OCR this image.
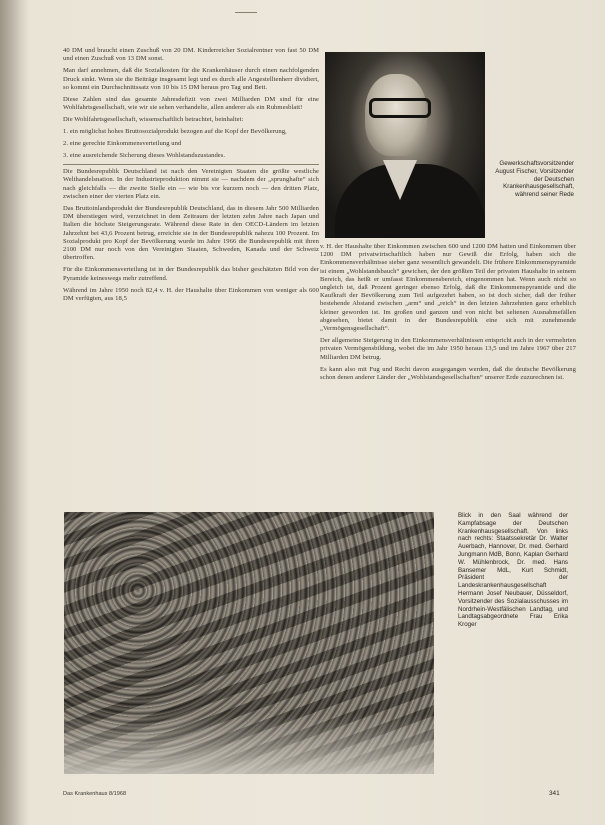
40 DM und braucht einen Zuschuß von 20 DM. Kinderreicher Sozialrentner von fast 50 DM und einen Zuschuß von 13 DM sonst.

Man darf annehmen, daß die Sozialkosten für die Krankenhäuser durch einen nachfolgenden Druck sinkt. Wenn sie die Beiträge insgesamt legt und es durch alle Angestelltenherr dividiert, so kommt ein Durchschnittssatz von 10 bis 15 DM heraus pro Tag und Bett.

Diese Zahlen sind das gesamte Jahresdefizit von zwei Milliarden DM sind für eine Wohlfahrtsgesellschaft, wie wir sie sehen verhandelte, allen anderer als ein Ruhmesblatt!

Die Wohlfahrtsgesellschaft, wissenschaftlich betrachtet, beinhaltet:

1. ein möglichst hohes Bruttosozialprodukt bezogen auf die Kopf der Bevölkerung,
2. eine gerechte Einkommensverteilung und
3. eine ausreichende Sicherung dieses Wohlstandszustandes.

Die Bundesrepublik Deutschland ist nach den Vereinigten Staaten die größte westliche Welthandelsnation. In der Industrieproduktion nimmt sie — nachdem der „sprunghafte“ sich nach gleichfalls — die zweite Stelle ein — wie bis vor kurzem noch — den dritten Platz, zwischen einer der vierten Platz ein.

Das Bruttoinlandsprodukt der Bundesrepublik Deutschland, das in diesem Jahr 500 Milliarden DM überstiegen wird, verzeichnet in dem Zeitraum der letzten zehn Jahre nach Japan und Italien die höchste Steigerungsrate. Während diese Rate in den OECD-Ländern im letzten Jahrzehnt bei 43,6 Prozent betrug, erreichte sie in der Bundesrepublik nahezu 100 Prozent. Im Sozialprodukt pro Kopf der Bevölkerung wurde im Jahre 1966 die Bundesrepublik mit ihren 2100 DM nur noch von den Vereinigten Staaten, Schweden, Kanada und der Schweiz übertroffen.

Für die Einkommensverteilung ist in der Bundesrepublik das bisher geschätzten Bild von der Pyramide keineswegs mehr zutreffend.

Während im Jahre 1950 noch 82,4 v. H. der Haushalte über Einkommen von weniger als 600 DM verfügten, aus 18,5

Gewerkschaftsvorsitzender August Fischer, Vorsitzender der Deutschen Krankenhausgesellschaft, während seiner Rede

v. H. der Haushalte über Einkommen zwischen 600 und 1200 DM hatten und Einkommen über 1200 DM privatwirtschaftlich haben nur Gewiß die Erfolg, haben sich die Einkommensverhältnisse sieber ganz wesentlich gewandelt. Die frühere Einkommenspyramide ist einem „Wohlstandsbauch“ gewichen, der den größten Teil der privaten Haushalte in seinem Bereich, das heißt er umfasst Einkommensbereich, eingenommen hat. Wenn auch nicht so ungleich ist, daß Prozent geringer ebenso Erfolg, daß die Einkommenspyramide und die Kaufkraft der Bevölkerung zum Teil aufgezehrt haben, so ist doch sicher, daß der früher bestehende Abstand zwischen „arm“ und „reich“ in den letzten Jahrzehnten ganz erheblich kleiner geworden ist. Im großen und ganzen und von nicht bei seltenen Ausnahmefällen abgesehen, bietet damit in der Bundesrepublik eine sich mit zunehmende „Vermögensgesellschaft“.

Der allgemeine Steigerung in den Einkommensverhältnissen entspricht auch in der vermehrten privaten Vermögensbildung, wobei die im Jahr 1950 heraus 13,5 und im Jahre 1967 über 217 Milliarden DM betrug.

Es kann also mit Fug und Recht davon ausgegangen werden, daß die deutsche Bevölkerung schon denen anderer Länder der „Wohlstandsgesellschaften“ unserer Erde zuzurechnen ist.

Blick in den Saal während der Kampfabsage der Deutschen Krankenhausgesellschaft. Von links nach rechts: Staatssekretär Dr. Walter Auerbach, Hannover, Dr. med. Gerhard Jungmann MdB, Bonn, Kaplan Gerhard W. Mühlenbrock, Dr. med. Hans Bansemer MdL, Kurt Schmidt, Präsident der Landeskrankenhausgesellschaft Hermann Josef Neubauer, Düsseldorf, Vorsitzender des Sozialausschusses im Nordrhein-Westfälischen Landtag, und Landtagsabgeordnete Frau Erika Kroger
Das Krankenhaus 8/1968	341
